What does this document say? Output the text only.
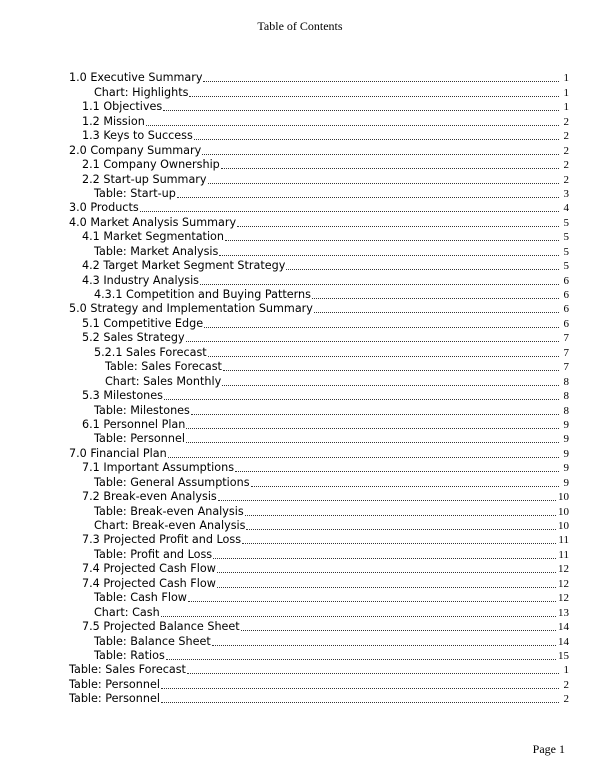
Table of Contents
1.0 Executive Summary	1
Chart: Highlights	1
1.1 Objectives	1
1.2 Mission	2
1.3 Keys to Success	2
2.0 Company Summary	2
2.1 Company Ownership	2
2.2 Start-up Summary	2
Table: Start-up	3
3.0 Products	4
4.0 Market Analysis Summary	5
4.1 Market Segmentation	5
Table: Market Analysis	5
4.2 Target Market Segment Strategy	5
4.3 Industry Analysis	6
4.3.1 Competition and Buying Patterns	6
5.0 Strategy and Implementation Summary	6
5.1 Competitive Edge	6
5.2 Sales Strategy	7
5.2.1 Sales Forecast	7
Table: Sales Forecast	7
Chart: Sales Monthly	8
5.3 Milestones	8
Table: Milestones	8
6.1 Personnel Plan	9
Table: Personnel	9
7.0 Financial Plan	9
7.1 Important Assumptions	9
Table: General Assumptions	9
7.2 Break-even Analysis	10
Table: Break-even Analysis	10
Chart: Break-even Analysis	10
7.3 Projected Profit and Loss	11
Table: Profit and Loss	11
7.4 Projected Cash Flow	12
7.4 Projected Cash Flow	12
Table: Cash Flow	12
Chart: Cash	13
7.5 Projected Balance Sheet	14
Table: Balance Sheet	14
Table: Ratios	15
Table: Sales Forecast	1
Table: Personnel	2
Table: Personnel	2
Page 1
